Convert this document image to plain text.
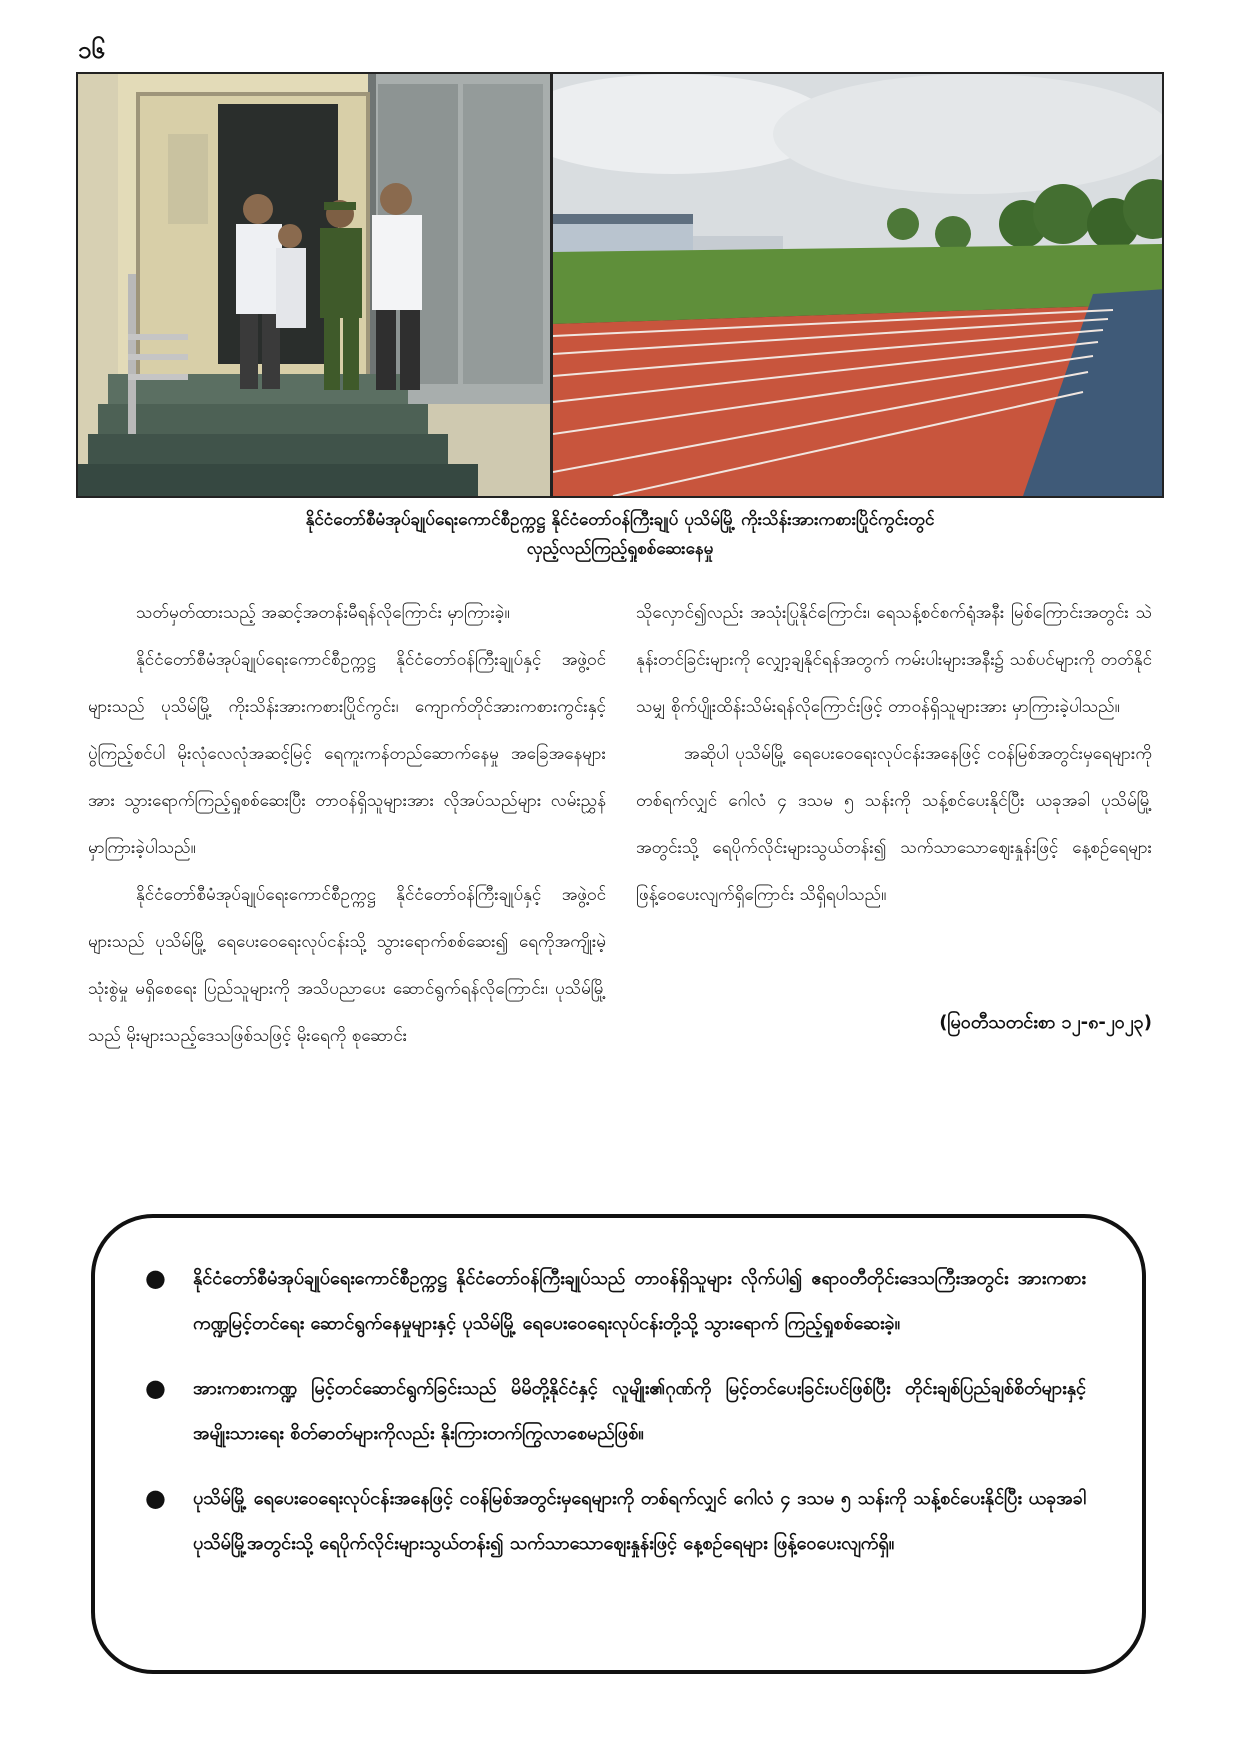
၁၆
နိုင်ငံတော်စီမံအုပ်ချုပ်ရေးကောင်စီဥက္ကဋ္ဌ နိုင်ငံတော်ဝန်ကြီးချုပ် ပုသိမ်မြို့ ကိုးသိန်းအားကစားပြိုင်ကွင်းတွင်
လှည့်လည်ကြည့်ရှုစစ်ဆေးနေမှု

သတ်မှတ်ထားသည့် အဆင့်အတန်းမီရန်လိုကြောင်း မှာကြားခဲ့။

နိုင်ငံတော်စီမံအုပ်ချုပ်ရေးကောင်စီဥက္ကဋ္ဌ နိုင်ငံတော်ဝန်ကြီးချုပ်နှင့် အဖွဲ့ဝင်များသည် ပုသိမ်မြို့ ကိုးသိန်းအားကစားပြိုင်ကွင်း၊ ကျောက်တိုင်အားကစားကွင်းနှင့် ပွဲကြည့်စင်ပါ မိုးလုံလေလုံအဆင့်မြင့် ရေကူးကန်တည်ဆောက်နေမှု အခြေအနေများအား သွားရောက်ကြည့်ရှုစစ်ဆေးပြီး တာဝန်ရှိသူများအား လိုအပ်သည်များ လမ်းညွှန်မှာကြားခဲ့ပါသည်။

နိုင်ငံတော်စီမံအုပ်ချုပ်ရေးကောင်စီဥက္ကဋ္ဌ နိုင်ငံတော်ဝန်ကြီးချုပ်နှင့် အဖွဲ့ဝင်များသည် ပုသိမ်မြို့ ရေပေးဝေရေးလုပ်ငန်းသို့ သွားရောက်စစ်ဆေး၍ ရေကိုအကျိုးမဲ့ သုံးစွဲမှု မရှိစေရေး ပြည်သူများကို အသိပညာပေး ဆောင်ရွက်ရန်လိုကြောင်း၊ ပုသိမ်မြို့သည် မိုးများသည့်ဒေသဖြစ်သဖြင့် မိုးရေကို စုဆောင်း

သိုလှောင်၍လည်း အသုံးပြုနိုင်ကြောင်း၊ ရေသန့်စင်စက်ရုံအနီး မြစ်ကြောင်းအတွင်း သဲနုန်းတင်ခြင်းများကို လျှော့ချနိုင်ရန်အတွက် ကမ်းပါးများအနီး၌ သစ်ပင်များကို တတ်နိုင်သမျှ စိုက်ပျိုးထိန်းသိမ်းရန်လိုကြောင်းဖြင့် တာဝန်ရှိသူများအား မှာကြားခဲ့ပါသည်။

အဆိုပါ ပုသိမ်မြို့ ရေပေးဝေရေးလုပ်ငန်းအနေဖြင့် ငဝန်မြစ်အတွင်းမှရေများကို တစ်ရက်လျှင် ဂေါလံ ၄ ဒသမ ၅ သန်းကို သန့်စင်ပေးနိုင်ပြီး ယခုအခါ ပုသိမ်မြို့ အတွင်းသို့ ရေပိုက်လိုင်းများသွယ်တန်း၍ သက်သာသောဈေးနှုန်းဖြင့် နေ့စဉ်ရေများ ဖြန့်ဝေပေးလျက်ရှိကြောင်း သိရှိရပါသည်။

(မြဝတီသတင်းစာ ၁၂-၈-၂၀၂၃)
●	နိုင်ငံတော်စီမံအုပ်ချုပ်ရေးကောင်စီဥက္ကဋ္ဌ နိုင်ငံတော်ဝန်ကြီးချုပ်သည် တာဝန်ရှိသူများ လိုက်ပါ၍ ဧရာဝတီတိုင်းဒေသကြီးအတွင်း အားကစားကဏ္ဍမြင့်တင်ရေး ဆောင်ရွက်နေမှုများနှင့် ပုသိမ်မြို့ ရေပေးဝေရေးလုပ်ငန်းတို့သို့ သွားရောက် ကြည့်ရှုစစ်ဆေးခဲ့။
●	အားကစားကဏ္ဍ မြင့်တင်ဆောင်ရွက်ခြင်းသည် မိမိတို့နိုင်ငံနှင့် လူမျိုး၏ဂုဏ်ကို မြင့်တင်ပေးခြင်းပင်ဖြစ်ပြီး တိုင်းချစ်ပြည်ချစ်စိတ်များနှင့် အမျိုးသားရေး စိတ်ဓာတ်များကိုလည်း နိုးကြားတက်ကြွလာစေမည်ဖြစ်။
●	ပုသိမ်မြို့ ရေပေးဝေရေးလုပ်ငန်းအနေဖြင့် ငဝန်မြစ်အတွင်းမှရေများကို တစ်ရက်လျှင် ဂေါလံ ၄ ဒသမ ၅ သန်းကို သန့်စင်ပေးနိုင်ပြီး ယခုအခါ ပုသိမ်မြို့အတွင်းသို့ ရေပိုက်လိုင်းများသွယ်တန်း၍ သက်သာသောဈေးနှုန်းဖြင့် နေ့စဉ်ရေများ ဖြန့်ဝေပေးလျက်ရှိ။
